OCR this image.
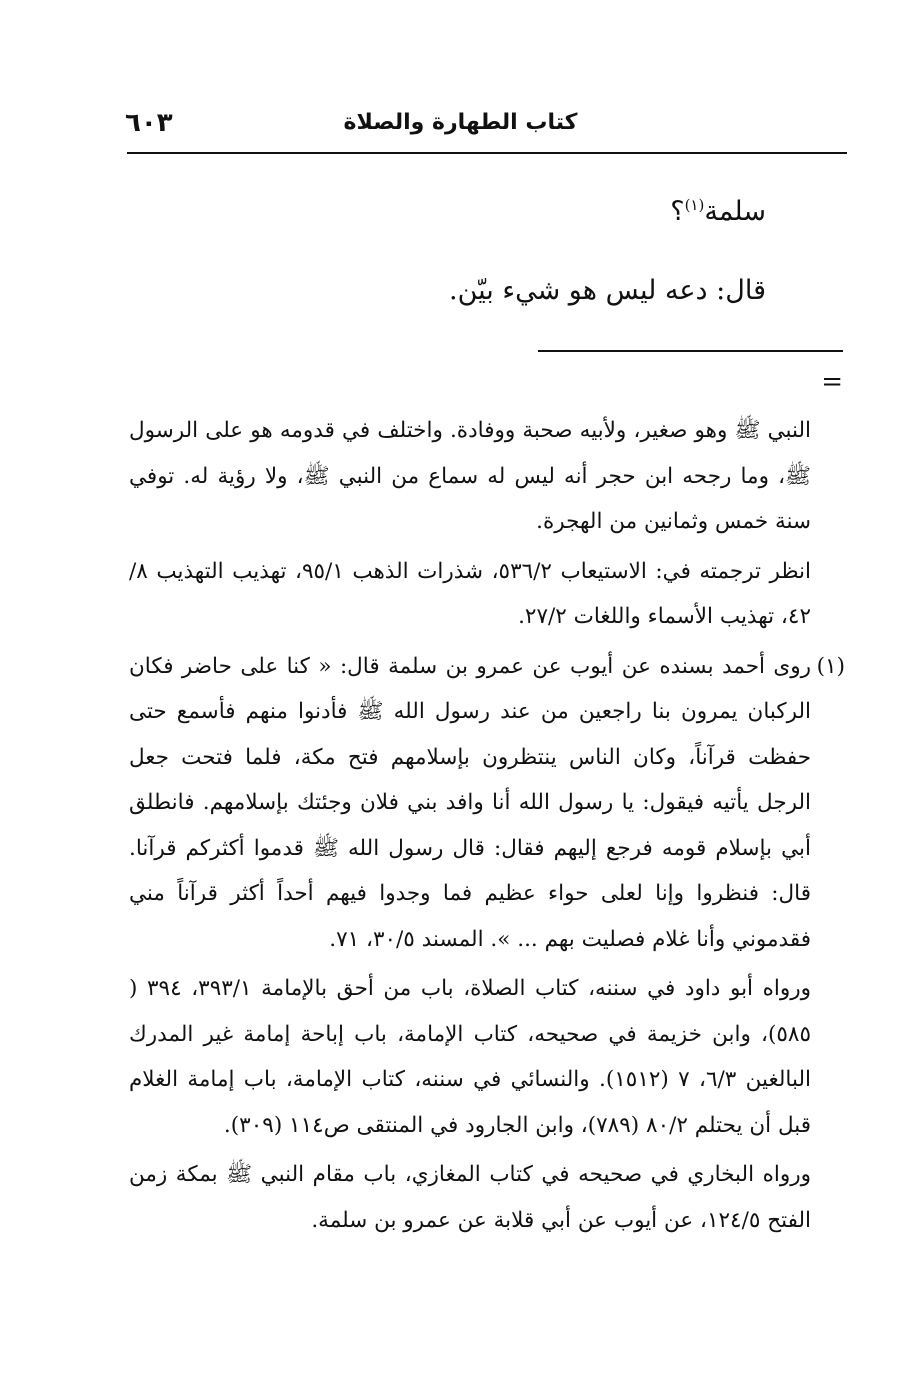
كتاب الطهارة والصلاة
٦٠٣
سلمة$^{(١)}$؟
قال: دعه ليس هو شيء بيّن.
=

النبي ﷺ وهو صغير، ولأبيه صحبة ووفادة. واختلف في قدومه هو على الرسول ﷺ، وما رجحه ابن حجر أنه ليس له سماع من النبي ﷺ، ولا رؤية له. توفي سنة خمس وثمانين من الهجرة.

انظر ترجمته في: الاستيعاب ٥٣٦/٢، شذرات الذهب ٩٥/١، تهذيب التهذيب ٨/ ٤٢، تهذيب الأسماء واللغات ٢٧/٢.

(١)
روى أحمد بسنده عن أيوب عن عمرو بن سلمة قال: « كنا على حاضر فكان الركبان يمرون بنا راجعين من عند رسول الله ﷺ فأدنوا منهم فأسمع حتى حفظت قرآناً، وكان الناس ينتظرون بإسلامهم فتح مكة، فلما فتحت جعل الرجل يأتيه فيقول: يا رسول الله أنا وافد بني فلان وجئتك بإسلامهم. فانطلق أبي بإسلام قومه فرجع إليهم فقال: قال رسول الله ﷺ قدموا أكثركم قرآنا. قال: فنظروا وإنا لعلى حواء عظيم فما وجدوا فيهم أحداً أكثر قرآناً مني فقدموني وأنا غلام فصليت بهم ... ». المسند ٣٠/٥، ٧١.

ورواه أبو داود في سننه، كتاب الصلاة، باب من أحق بالإمامة ٣٩٣/١، ٣٩٤ ( ٥٨٥)، وابن خزيمة في صحيحه، كتاب الإمامة، باب إباحة إمامة غير المدرك البالغين ٦/٣، ٧ (١٥١٢). والنسائي في سننه، كتاب الإمامة، باب إمامة الغلام قبل أن يحتلم ٨٠/٢ (٧٨٩)، وابن الجارود في المنتقى ص١١٤ (٣٠٩).

ورواه البخاري في صحيحه في كتاب المغازي، باب مقام النبي ﷺ بمكة زمن الفتح ١٢٤/٥، عن أيوب عن أبي قلابة عن عمرو بن سلمة.
